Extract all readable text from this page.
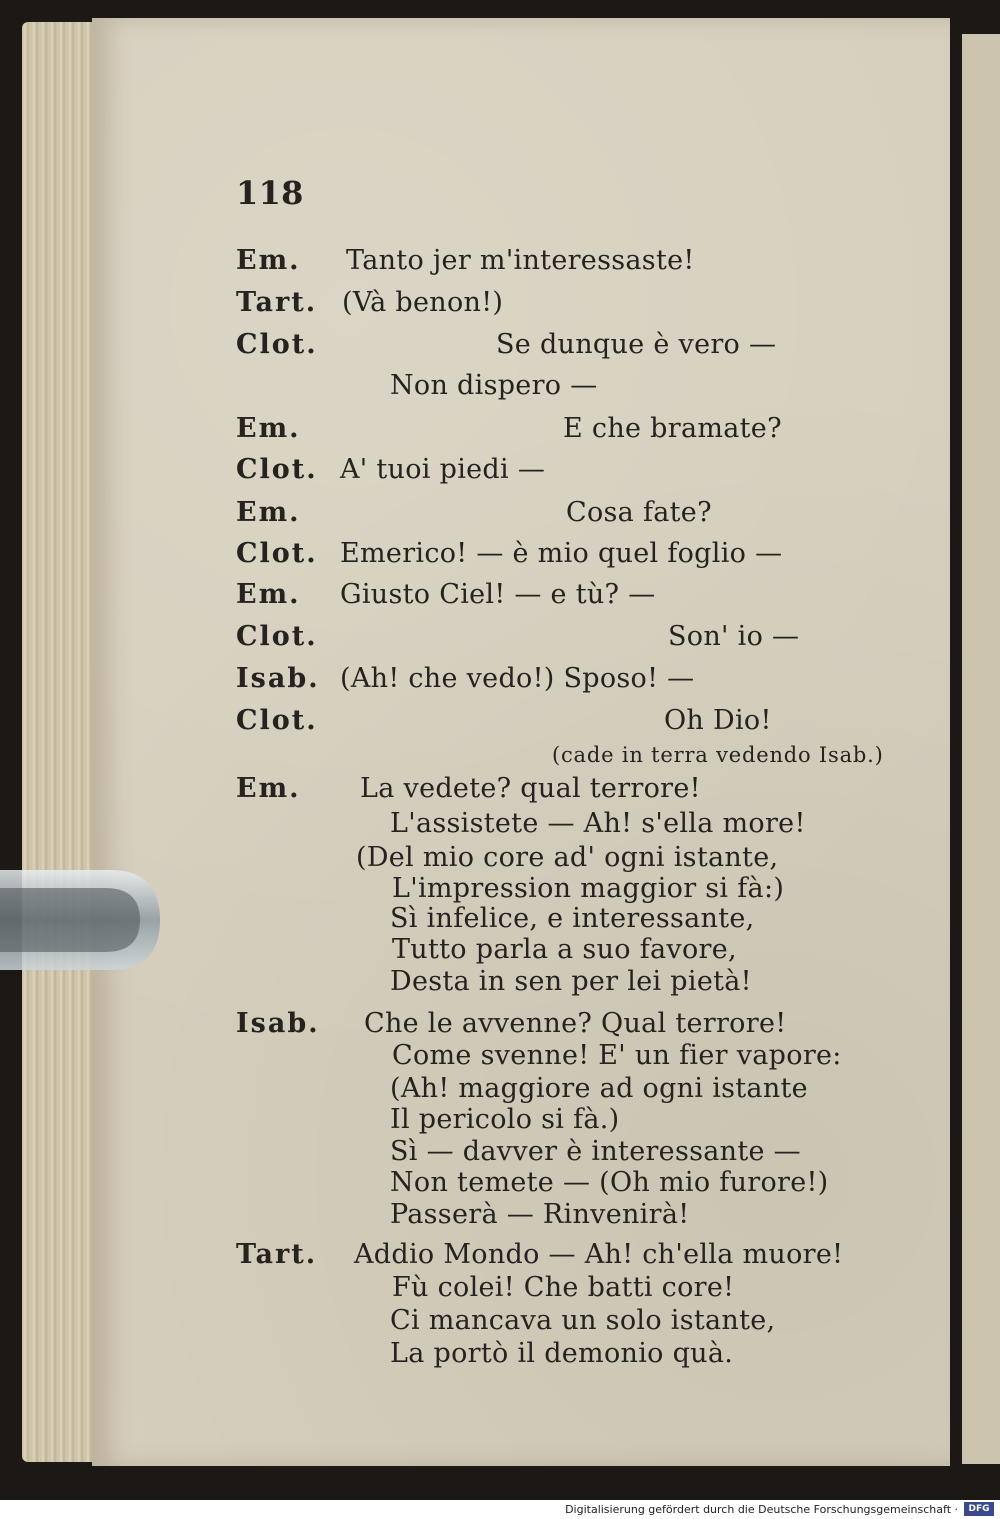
118
Em. Tanto jer m'interessaste!
Tart. (Và benon!)
Clot.	Se dunque è vero —
Non dispero —
Em.	E che bramate?
Clot. A' tuoi piedi —
Em.	Cosa fate?
Clot. Emerico! — è mio quel foglio —
Em. Giusto Ciel! — e tù? —
Clot.	Son' io —
Isab. (Ah! che vedo!) Sposo! —
Clot.	Oh Dio!
(cade in terra vedendo Isab.)
Em. La vedete? qual terrore!
L'assistete — Ah! s'ella more!
(Del mio core ad' ogni istante,
L'impression maggior si fà:)
Sì infelice, e interessante,
Tutto parla a suo favore,
Desta in sen per lei pietà!
Isab. Che le avvenne? Qual terrore!
Come svenne! E' un fier vapore:
(Ah! maggiore ad ogni istante
Il pericolo si fà.)
Sì — davver è interessante —
Non temete — (Oh mio furore!)
Passerà — Rinvenirà!
Tart. Addio Mondo — Ah! ch'ella muore!
Fù colei! Che batti core!
Ci mancava un solo istante,
La portò il demonio quà.
Digitalisierung gefördert durch die Deutsche Forschungsgemeinschaft ·	DFG
